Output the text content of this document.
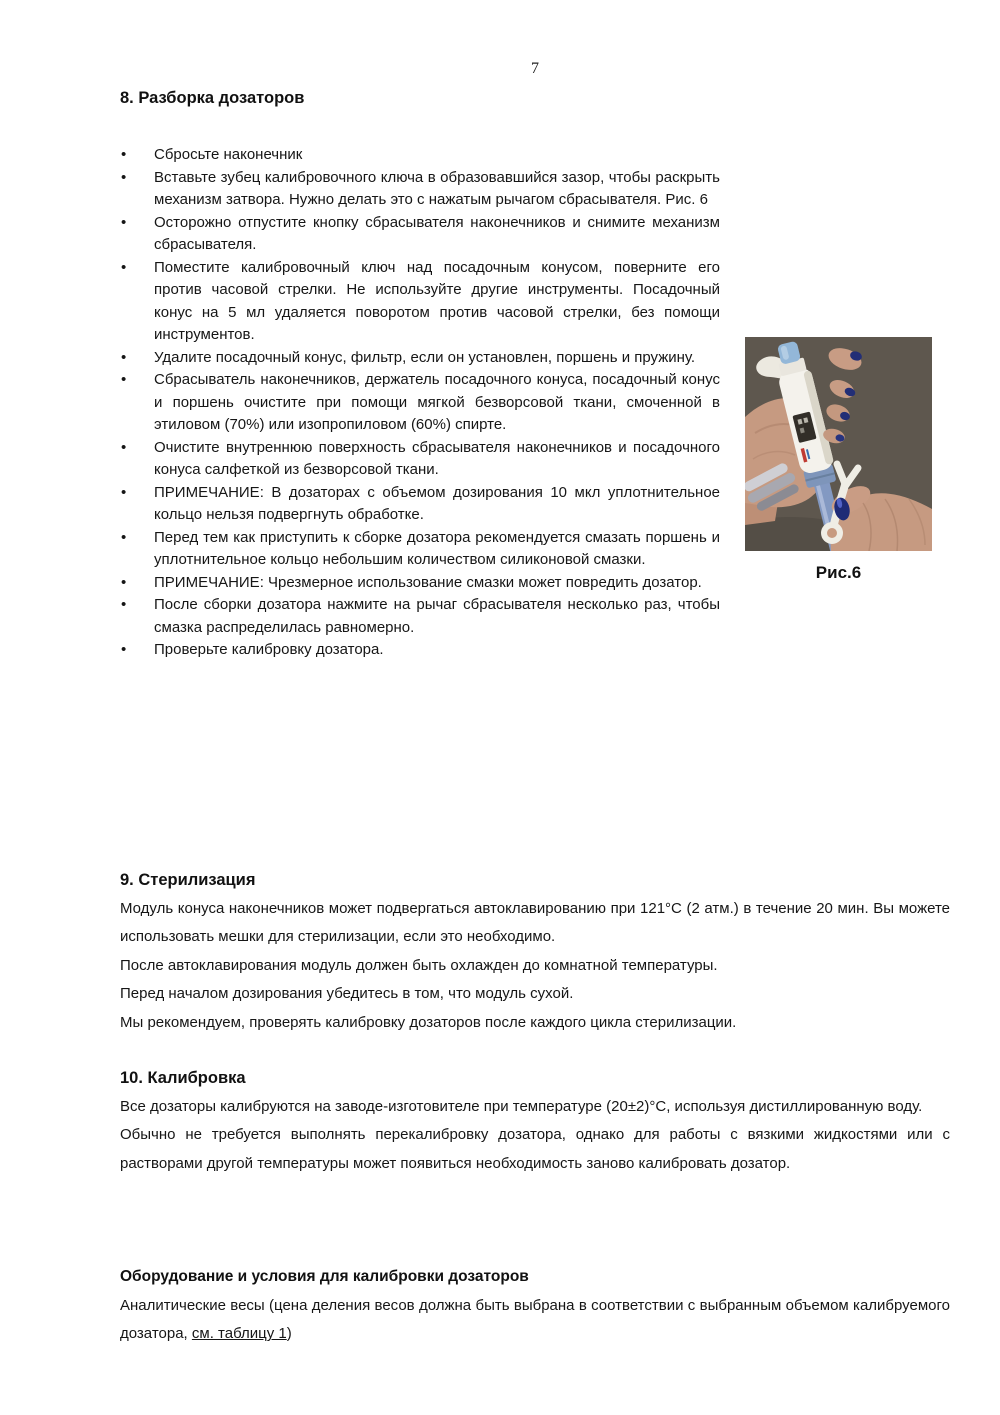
7
8. Разборка дозаторов
• Сбросьте наконечник
• Вставьте зубец калибровочного ключа в образовавшийся зазор, чтобы раскрыть механизм затвора. Нужно делать это с нажатым рычагом сбрасывателя. Рис. 6
• Осторожно отпустите кнопку сбрасывателя наконечников и снимите механизм сбрасывателя.
• Поместите калибровочный ключ над посадочным конусом, поверните его против часовой стрелки. Не используйте другие инструменты. Посадочный конус на 5 мл удаляется поворотом против часовой стрелки, без помощи инструментов.
• Удалите посадочный конус, фильтр, если он установлен, поршень и пружину.
• Сбрасыватель наконечников, держатель посадочного конуса, посадочный конус и поршень очистите при помощи мягкой безворсовой ткани, смоченной в этиловом (70%) или изопропиловом (60%) спирте.
• Очистите внутреннюю поверхность сбрасывателя наконечников и посадочного конуса салфеткой из безворсовой ткани.
• ПРИМЕЧАНИЕ: В дозаторах с объемом дозирования 10 мкл уплотнительное кольцо нельзя подвергнуть обработке.
• Перед тем как приступить к сборке дозатора рекомендуется смазать поршень и уплотнительное кольцо небольшим количеством силиконовой смазки.
• ПРИМЕЧАНИЕ: Чрезмерное использование смазки может повредить дозатор.
• После сборки дозатора нажмите на рычаг сбрасывателя несколько раз, чтобы смазка распределилась равномерно.
• Проверьте калибровку дозатора.
Рис.6
9. Стерилизация

Модуль конуса наконечников может подвергаться автоклавированию при 121°С (2 атм.) в течение 20 мин. Вы можете использовать мешки для стерилизации, если это необходимо.

После автоклавирования модуль должен быть охлажден до комнатной температуры.

Перед началом дозирования убедитесь в том, что модуль сухой.

Мы рекомендуем, проверять калибровку дозаторов после каждого цикла стерилизации.

10. Калибровка

Все дозаторы калибруются на заводе-изготовителе при температуре (20±2)°С, используя дистиллированную воду.

Обычно не требуется выполнять перекалибровку дозатора, однако для работы с вязкими жидкостями или с растворами другой температуры может появиться необходимость заново калибровать дозатор.

Оборудование и условия для калибровки дозаторов

Аналитические весы (цена деления весов должна быть выбрана в соответствии с выбранным объемом калибруемого дозатора, см. таблицу 1)
